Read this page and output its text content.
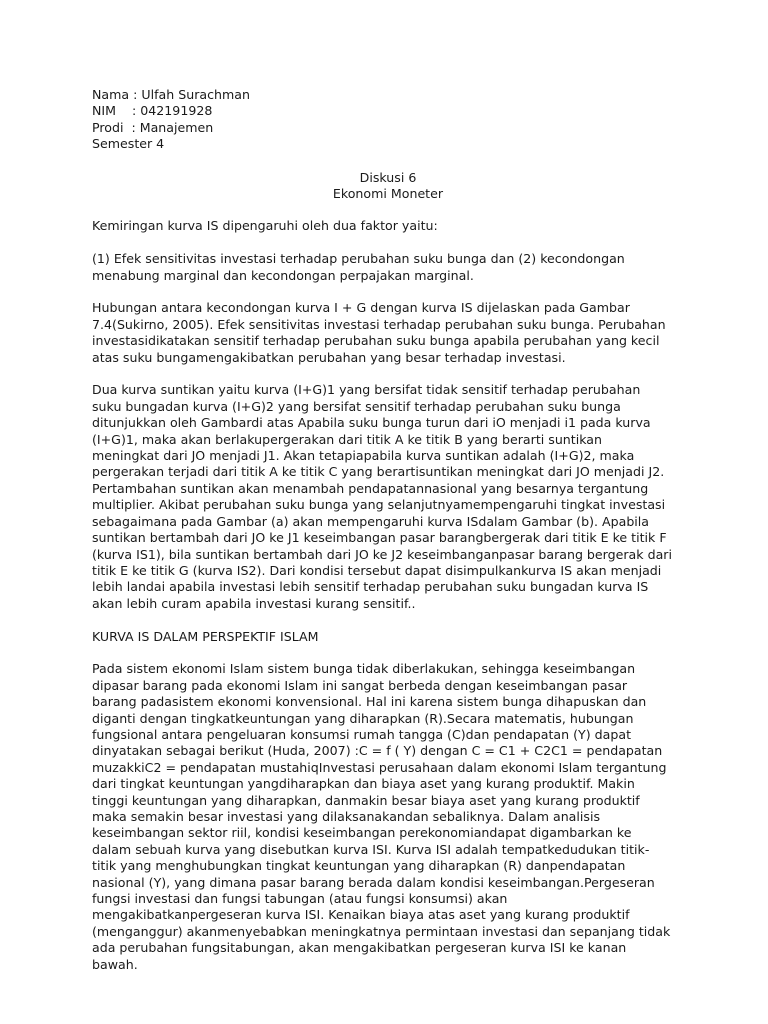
Nama : Ulfah Surachman
NIM    : 042191928
Prodi  : Manajemen
Semester 4
Diskusi 6
Ekonomi Moneter

Kemiringan kurva IS dipengaruhi oleh dua faktor yaitu:

(1) Efek sensitivitas investasi terhadap perubahan suku bunga dan (2) kecondongan menabung marginal dan kecondongan perpajakan marginal.

Hubungan antara kecondongan kurva I + G dengan kurva IS dijelaskan pada Gambar 7.4(Sukirno, 2005). Efek sensitivitas investasi terhadap perubahan suku bunga. Perubahan investasidikatakan sensitif terhadap perubahan suku bunga apabila perubahan yang kecil atas suku bungamengakibatkan perubahan yang besar terhadap investasi.

Dua kurva suntikan yaitu kurva (I+G)1 yang bersifat tidak sensitif terhadap perubahan suku bungadan kurva (I+G)2 yang bersifat sensitif terhadap perubahan suku bunga ditunjukkan oleh Gambardi atas Apabila suku bunga turun dari iO menjadi i1 pada kurva (I+G)1, maka akan berlakupergerakan dari titik A ke titik B yang berarti suntikan meningkat dari JO menjadi J1. Akan tetapiapabila kurva suntikan adalah (I+G)2, maka pergerakan terjadi dari titik A ke titik C yang berartisuntikan meningkat dari JO menjadi J2. Pertambahan suntikan akan menambah pendapatannasional yang besarnya tergantung multiplier. Akibat perubahan suku bunga yang selanjutnyamempengaruhi tingkat investasi sebagaimana pada Gambar (a) akan mempengaruhi kurva ISdalam Gambar (b). Apabila suntikan bertambah dari JO ke J1 keseimbangan pasar barangbergerak dari titik E ke titik F (kurva IS1), bila suntikan bertambah dari JO ke J2 keseimbanganpasar barang bergerak dari titik E ke titik G (kurva IS2). Dari kondisi tersebut dapat disimpulkankurva IS akan menjadi lebih landai apabila investasi lebih sensitif terhadap perubahan suku bungadan kurva IS akan lebih curam apabila investasi kurang sensitif..

KURVA IS DALAM PERSPEKTIF ISLAM

Pada sistem ekonomi Islam sistem bunga tidak diberlakukan, sehingga keseimbangan dipasar barang pada ekonomi Islam ini sangat berbeda dengan keseimbangan pasar barang padasistem ekonomi konvensional. Hal ini karena sistem bunga dihapuskan dan diganti dengan tingkatkeuntungan yang diharapkan (R).Secara matematis, hubungan fungsional antara pengeluaran konsumsi rumah tangga (C)dan pendapatan (Y) dapat dinyatakan sebagai berikut (Huda, 2007) :C = f ( Y) dengan C = C1 + C2C1 = pendapatan muzakkiC2 = pendapatan mustahiqInvestasi perusahaan dalam ekonomi Islam tergantung dari tingkat keuntungan yangdiharapkan dan biaya aset yang kurang produktif. Makin tinggi keuntungan yang diharapkan, danmakin besar biaya aset yang kurang produktif maka semakin besar investasi yang dilaksanakandan sebaliknya. Dalam analisis keseimbangan sektor riil, kondisi keseimbangan perekonomiandapat digambarkan ke dalam sebuah kurva yang disebutkan kurva ISI. Kurva ISI adalah tempatkedudukan titik-titik yang menghubungkan tingkat keuntungan yang diharapkan (R) danpendapatan nasional (Y), yang dimana pasar barang berada dalam kondisi keseimbangan.Pergeseran fungsi investasi dan fungsi tabungan (atau fungsi konsumsi) akan mengakibatkanpergeseran kurva ISI. Kenaikan biaya atas aset yang kurang produktif (menganggur) akanmenyebabkan meningkatnya permintaan investasi dan sepanjang tidak ada perubahan fungsitabungan, akan mengakibatkan pergeseran kurva ISI ke kanan bawah.
